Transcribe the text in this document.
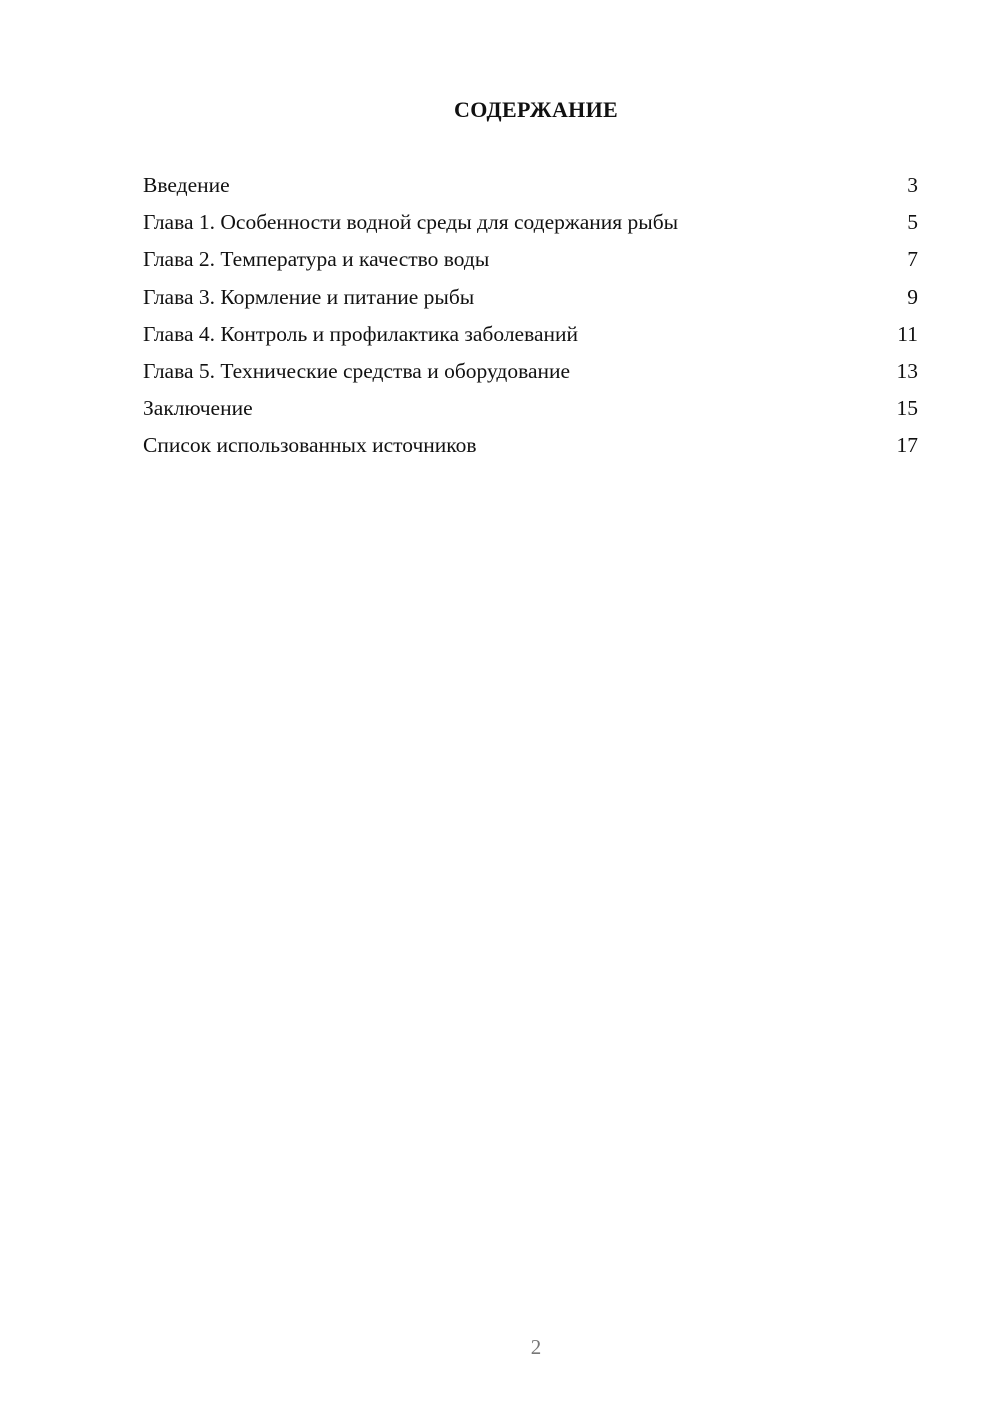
СОДЕРЖАНИЕ
Введение	3
Глава 1. Особенности водной среды для содержания рыбы	5
Глава 2. Температура и качество воды	7
Глава 3. Кормление и питание рыбы	9
Глава 4. Контроль и профилактика заболеваний	11
Глава 5. Технические средства и оборудование	13
Заключение	15
Список использованных источников	17
2
